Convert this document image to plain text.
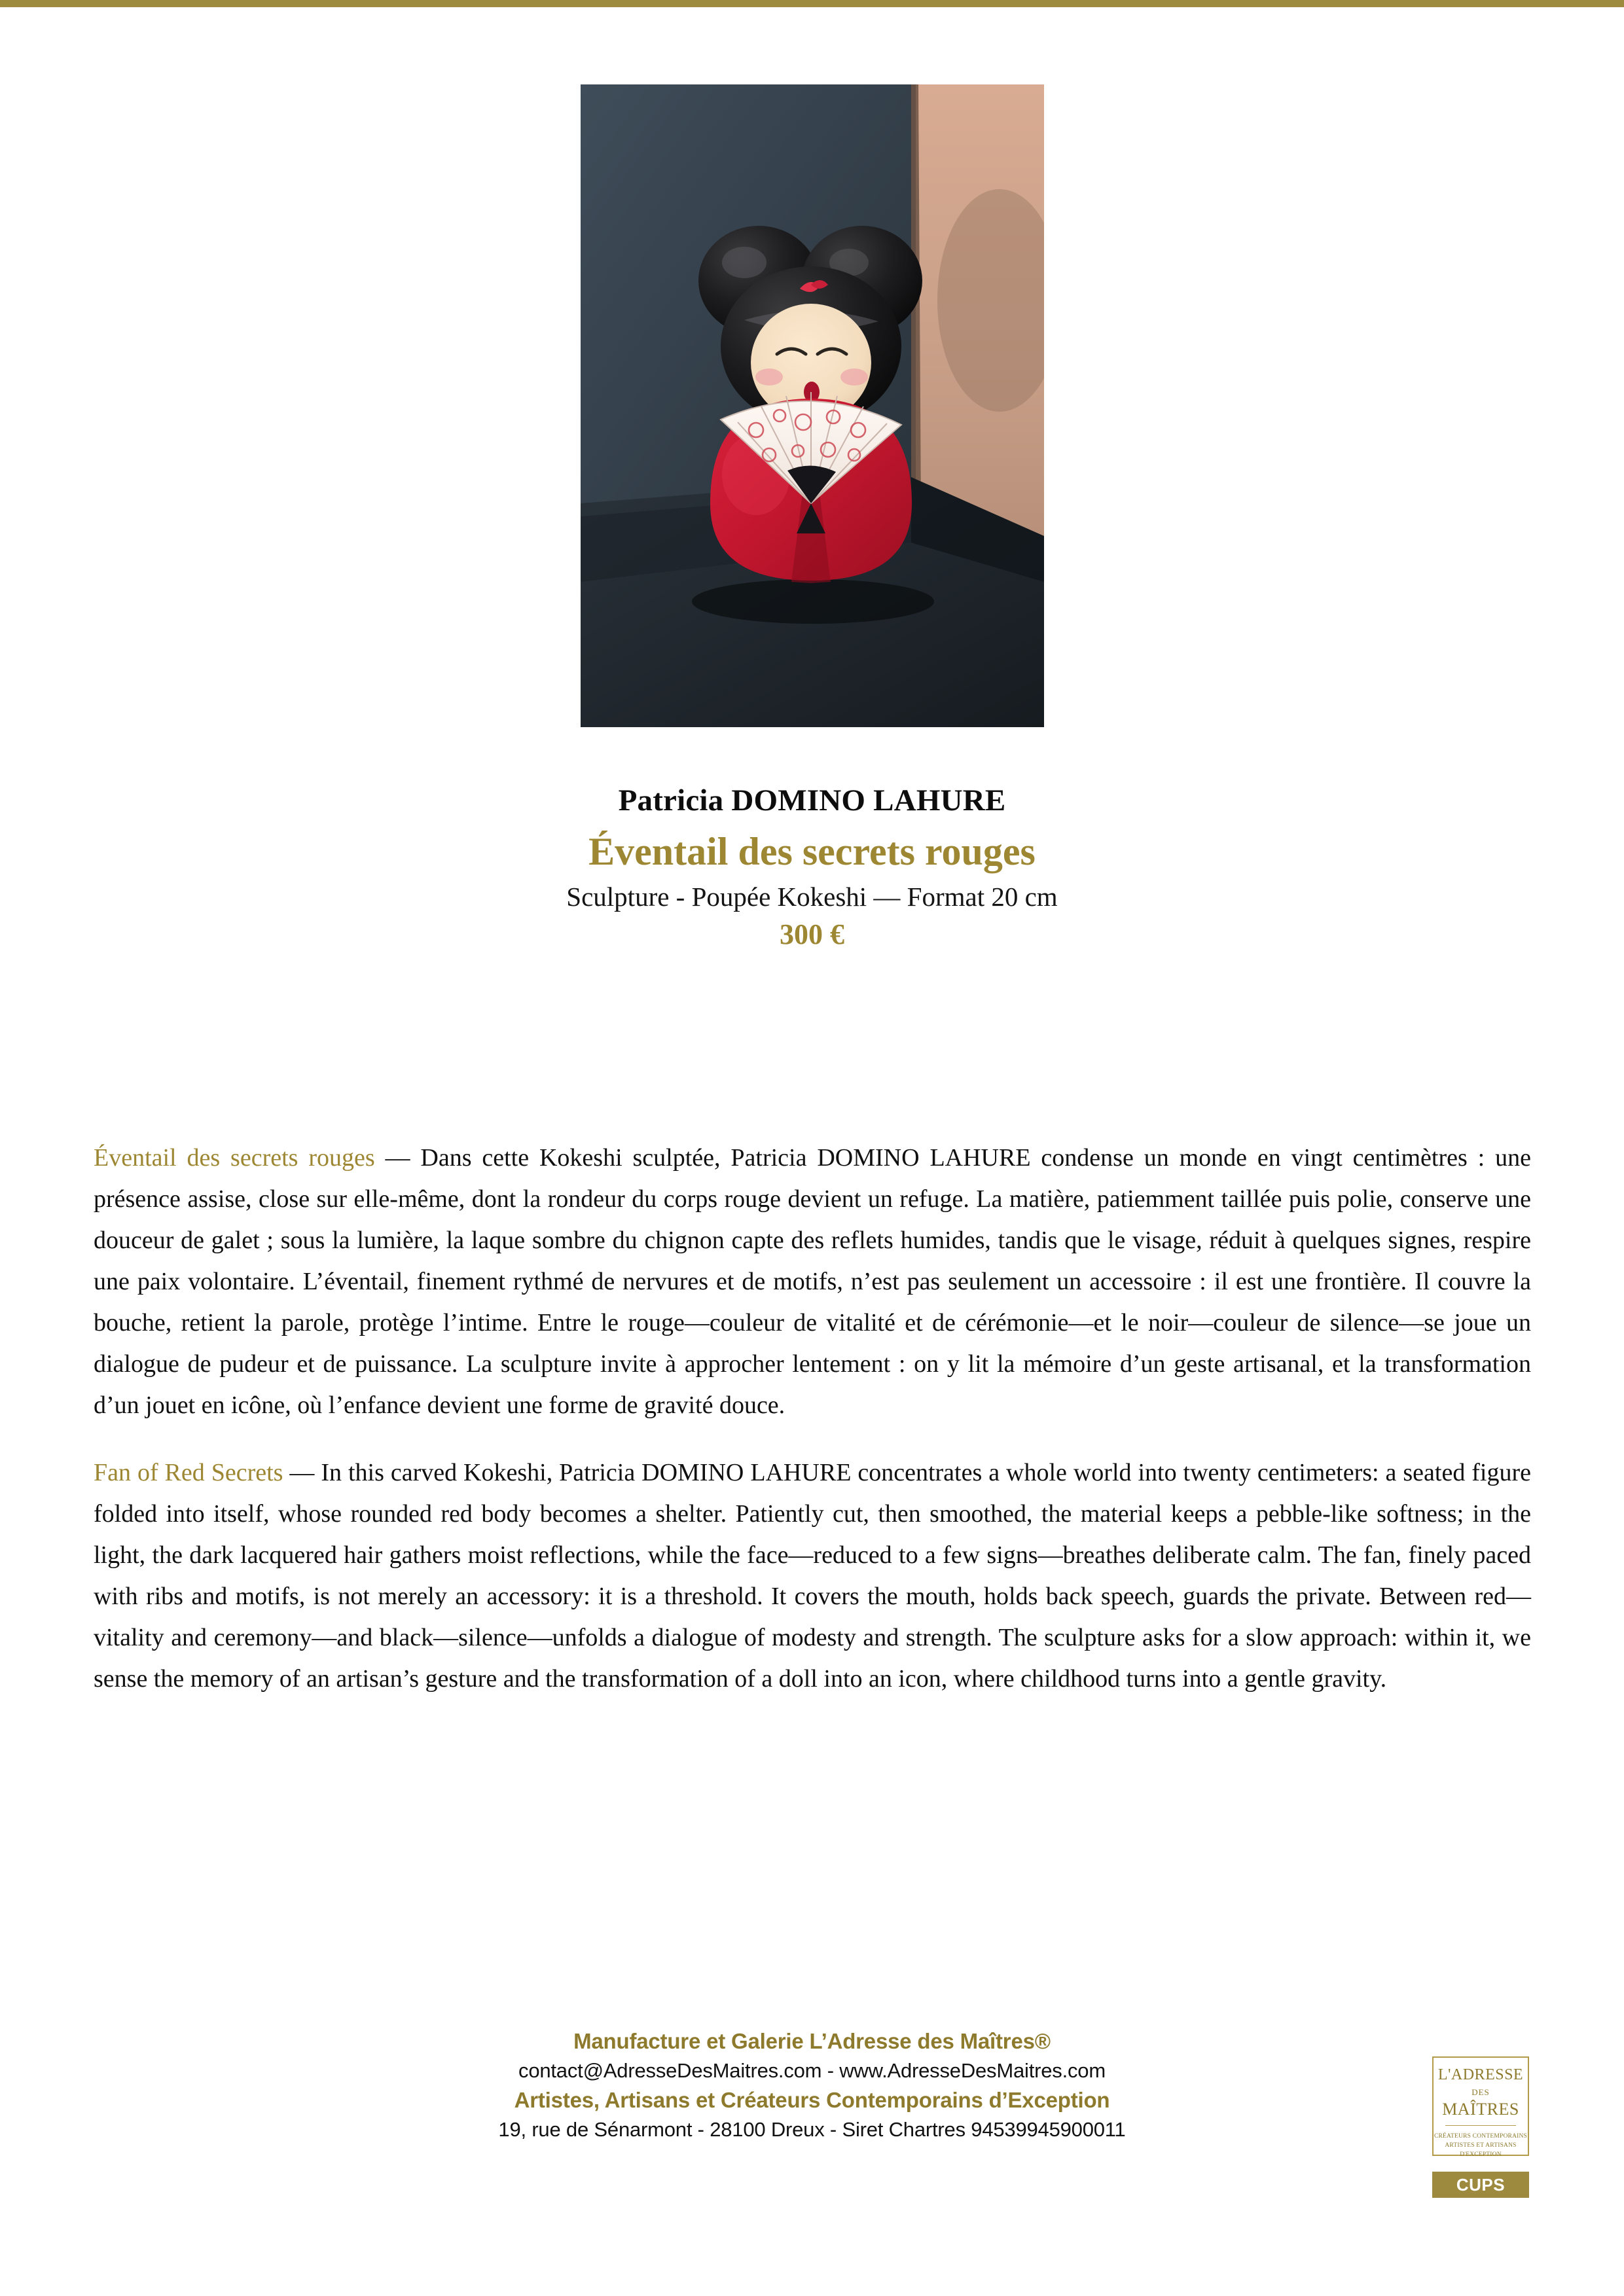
Patricia DOMINO LAHURE
Éventail des secrets rouges
Sculpture - Poupée Kokeshi — Format 20 cm
300 €

Éventail des secrets rouges — Dans cette Kokeshi sculptée, Patricia DOMINO LAHURE condense un monde en vingt centimètres : une présence assise, close sur elle-même, dont la rondeur du corps rouge devient un refuge. La matière, patiemment taillée puis polie, conserve une douceur de galet ; sous la lumière, la laque sombre du chignon capte des reflets humides, tandis que le visage, réduit à quelques signes, respire une paix volontaire. L’éventail, finement rythmé de nervures et de motifs, n’est pas seulement un accessoire : il est une frontière. Il couvre la bouche, retient la parole, protège l’intime. Entre le rouge—couleur de vitalité et de cérémonie—et le noir—couleur de silence—se joue un dialogue de pudeur et de puissance. La sculpture invite à approcher lentement : on y lit la mémoire d’un geste artisanal, et la transformation d’un jouet en icône, où l’enfance devient une forme de gravité douce.

Fan of Red Secrets — In this carved Kokeshi, Patricia DOMINO LAHURE concentrates a whole world into twenty centimeters: a seated figure folded into itself, whose rounded red body becomes a shelter. Patiently cut, then smoothed, the material keeps a pebble-like softness; in the light, the dark lacquered hair gathers moist reflections, while the face—reduced to a few signs—breathes deliberate calm. The fan, finely paced with ribs and motifs, is not merely an accessory: it is a threshold. It covers the mouth, holds back speech, guards the private. Between red—vitality and ceremony—and black—silence—unfolds a dialogue of modesty and strength. The sculpture asks for a slow approach: within it, we sense the memory of an artisan’s gesture and the transformation of a doll into an icon, where childhood turns into a gentle gravity.

Manufacture et Galerie L’Adresse des Maîtres®
contact@AdresseDesMaitres.com - www.AdresseDesMaitres.com
Artistes, Artisans et Créateurs Contemporains d’Exception
19, rue de Sénarmont - 28100 Dreux - Siret Chartres 94539945900011
L'ADRESSE
DES
MAÎTRES
CRÉATEURS CONTEMPORAINS
ARTISTES ET ARTISANS
D'EXCEPTION
CUPS
